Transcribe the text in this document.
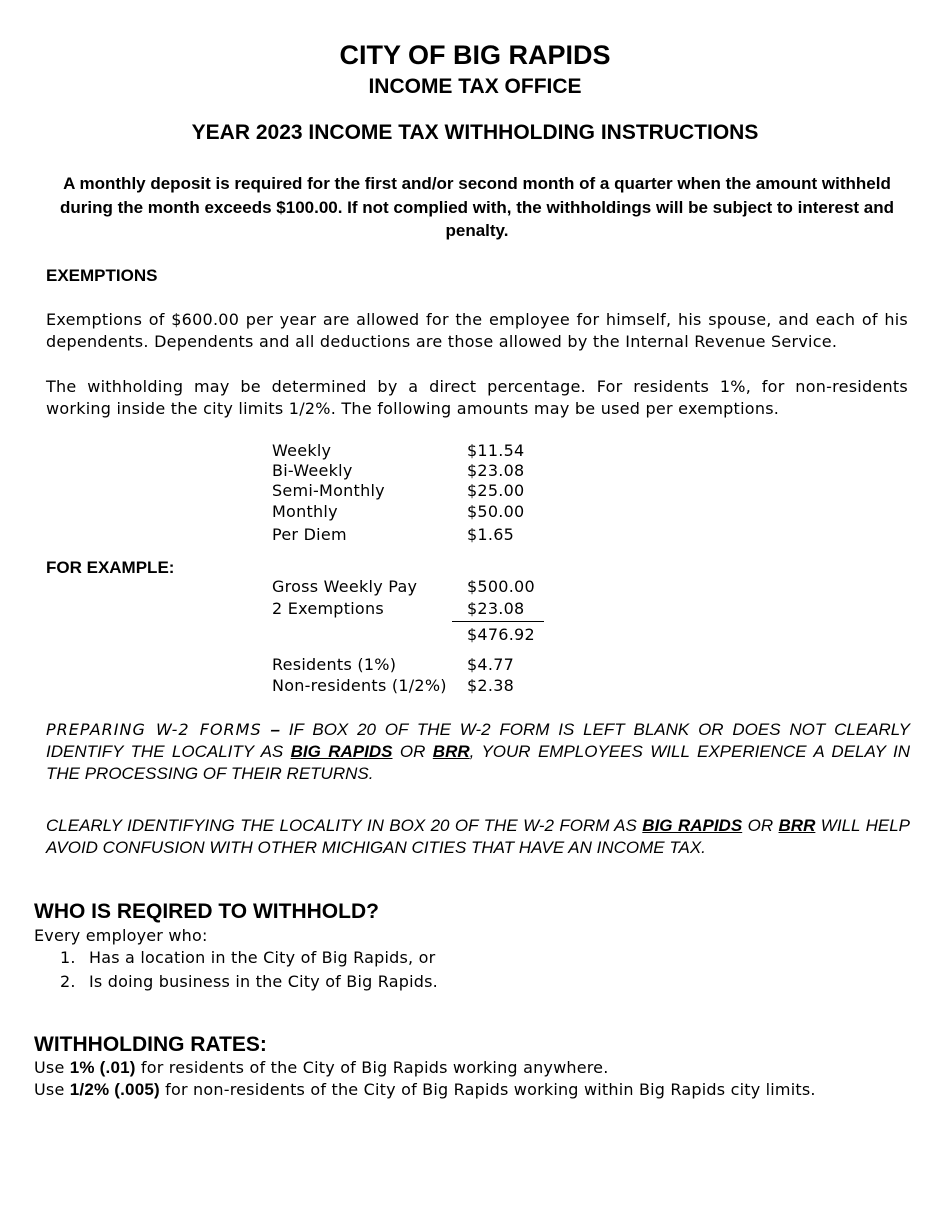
CITY OF BIG RAPIDS
INCOME TAX OFFICE
YEAR 2023 INCOME TAX WITHHOLDING INSTRUCTIONS
A monthly deposit is required for the first and/or second month of a quarter when the amount withheld during the month exceeds $100.00. If not complied with, the withholdings will be subject to interest and penalty.
EXEMPTIONS
Exemptions of $600.00 per year are allowed for the employee for himself, his spouse, and each of his dependents. Dependents and all deductions are those allowed by the Internal Revenue Service.
The withholding may be determined by a direct percentage. For residents 1%, for non-residents working inside the city limits 1/2%. The following amounts may be used per exemptions.
Weekly	$11.54
Bi-Weekly	$23.08
Semi-Monthly	$25.00
Monthly	$50.00
Per Diem	$1.65
FOR EXAMPLE:
Gross Weekly Pay	$500.00
2 Exemptions	$23.08
$476.92
Residents (1%)	$4.77
Non-residents (1/2%) $2.38
PREPARING W-2 FORMS – IF BOX 20 OF THE W-2 FORM IS LEFT BLANK OR DOES NOT CLEARLY IDENTIFY THE LOCALITY AS BIG RAPIDS OR BRR, YOUR EMPLOYEES WILL EXPERIENCE A DELAY IN THE PROCESSING OF THEIR RETURNS.
CLEARLY IDENTIFYING THE LOCALITY IN BOX 20 OF THE W-2 FORM AS BIG RAPIDS OR BRR WILL HELP AVOID CONFUSION WITH OTHER MICHIGAN CITIES THAT HAVE AN INCOME TAX.
WHO IS REQIRED TO WITHHOLD?
Every employer who:
1. Has a location in the City of Big Rapids, or
2. Is doing business in the City of Big Rapids.
WITHHOLDING RATES:
Use 1% (.01) for residents of the City of Big Rapids working anywhere.
Use 1/2% (.005) for non-residents of the City of Big Rapids working within Big Rapids city limits.
